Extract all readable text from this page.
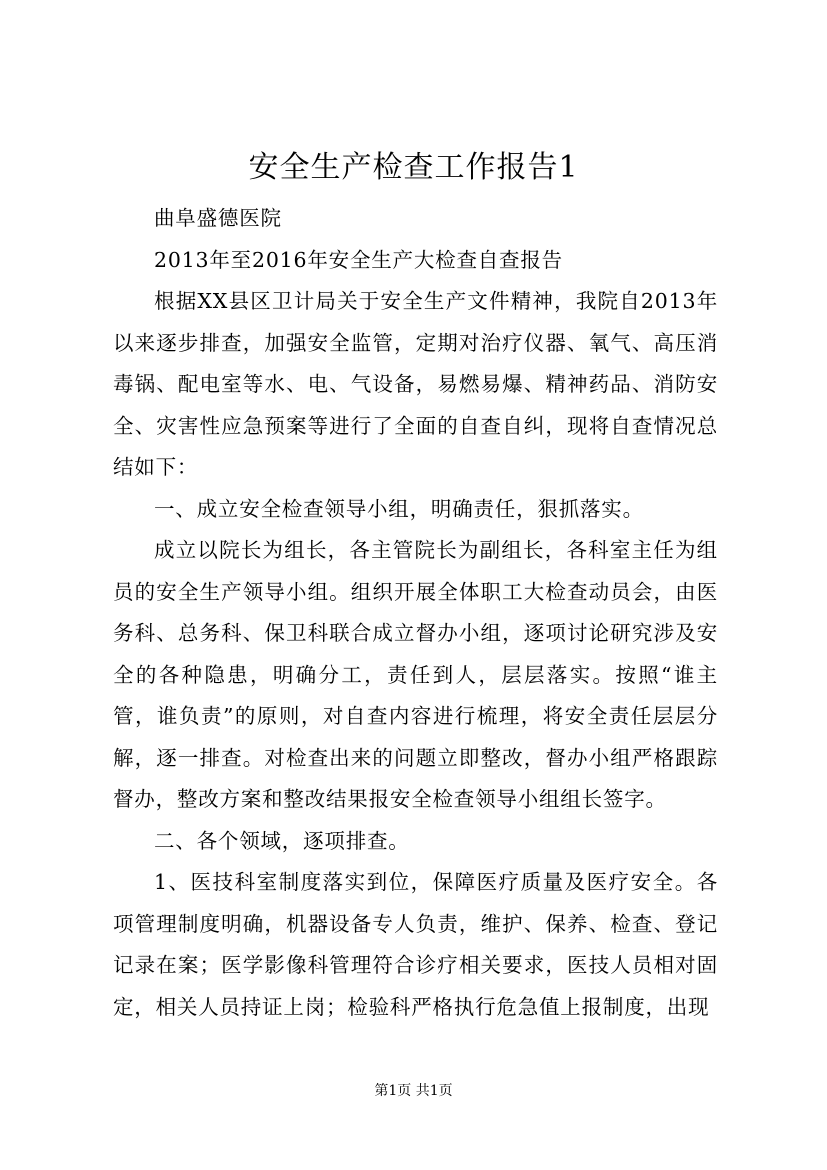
安全生产检查工作报告1

曲阜盛德医院

2013年至2016年安全生产大检查自查报告

根据XX县区卫计局关于安全生产文件精神，我院自2013年以来逐步排查，加强安全监管，定期对治疗仪器、氧气、高压消毒锅、配电室等水、电、气设备，易燃易爆、精神药品、消防安全、灾害性应急预案等进行了全面的自查自纠，现将自查情况总结如下：

一、成立安全检查领导小组，明确责任，狠抓落实。

成立以院长为组长，各主管院长为副组长，各科室主任为组员的安全生产领导小组。组织开展全体职工大检查动员会，由医务科、总务科、保卫科联合成立督办小组，逐项讨论研究涉及安全的各种隐患，明确分工，责任到人，层层落实。按照“谁主管，谁负责”的原则，对自查内容进行梳理，将安全责任层层分解，逐一排查。对检查出来的问题立即整改，督办小组严格跟踪督办，整改方案和整改结果报安全检查领导小组组长签字。

二、各个领域，逐项排查。

1、医技科室制度落实到位，保障医疗质量及医疗安全。各项管理制度明确，机器设备专人负责，维护、保养、检查、登记记录在案；医学影像科管理符合诊疗相关要求，医技人员相对固定，相关人员持证上岗；检验科严格执行危急值上报制度，出现

第1页 共1页
